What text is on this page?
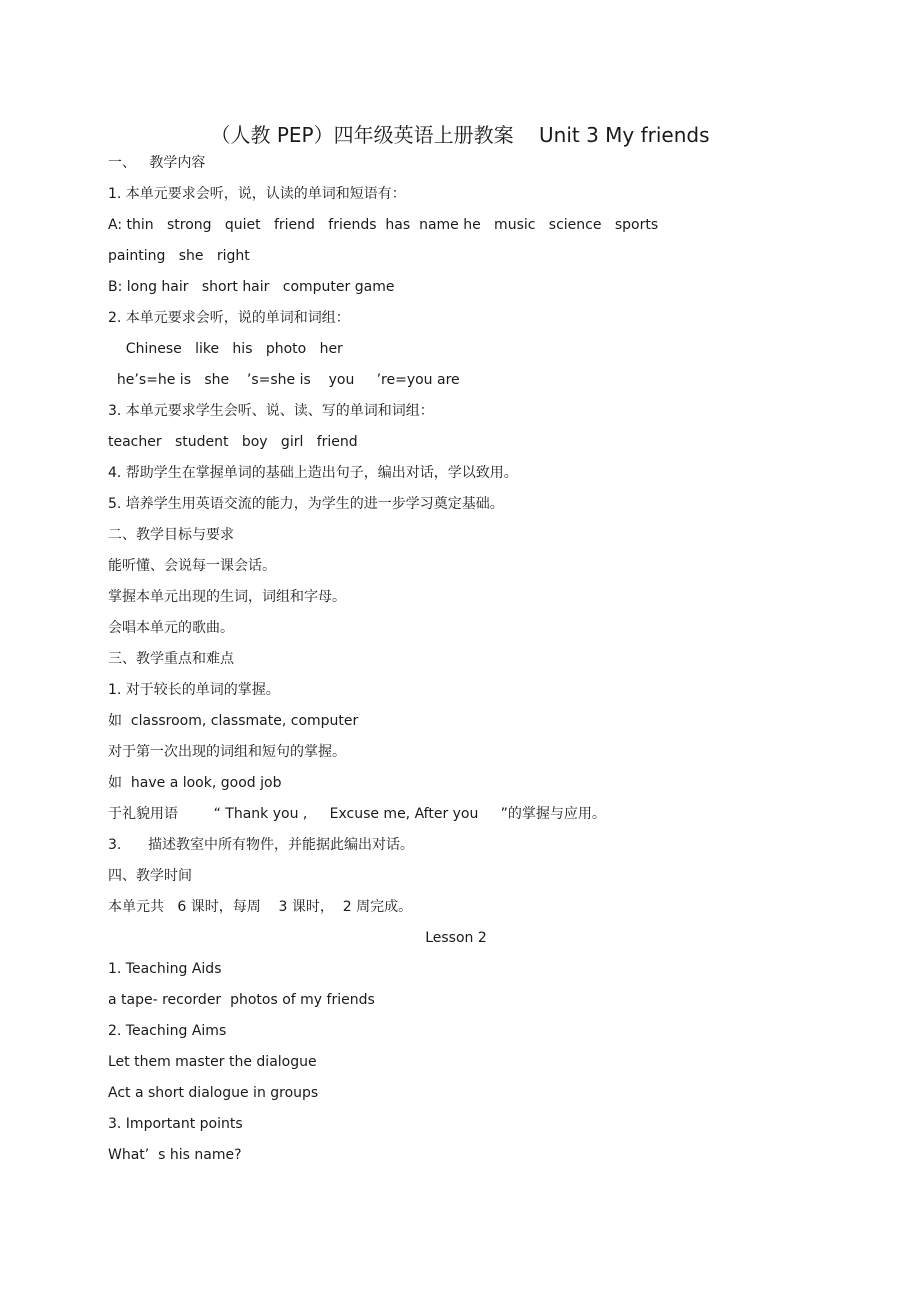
（人教 PEP）四年级英语上册教案    Unit 3 My friends
一、   教学内容
1. 本单元要求会听，说，认读的单词和短语有：
A: thin   strong   quiet   friend   friends  has  name he   music   science   sports
painting   she   right
B: long hair   short hair   computer game
2. 本单元要求会听，说的单词和词组：
Chinese   like   his   photo   her
he’s=he is   she    ’s=she is    you     ’re=you are
3. 本单元要求学生会听、说、读、写的单词和词组：
teacher   student   boy   girl   friend
4. 帮助学生在掌握单词的基础上造出句子，编出对话，学以致用。
5. 培养学生用英语交流的能力，为学生的进一步学习奠定基础。
二、教学目标与要求
能听懂、会说每一课会话。
掌握本单元出现的生词，词组和字母。
会唱本单元的歌曲。
三、教学重点和难点
1. 对于较长的单词的掌握。
如  classroom, classmate, computer
对于第一次出现的词组和短句的掌握。
如  have a look, good job
于礼貌用语        “ Thank you ,     Excuse me, After you     ”的掌握与应用。
3.      描述教室中所有物件，并能据此编出对话。
四、教学时间
本单元共   6 课时，每周    3 课时，  2 周完成。
Lesson 2
1. Teaching Aids
a tape- recorder  photos of my friends
2. Teaching Aims
Let them master the dialogue
Act a short dialogue in groups
3. Important points
What’  s his name?
